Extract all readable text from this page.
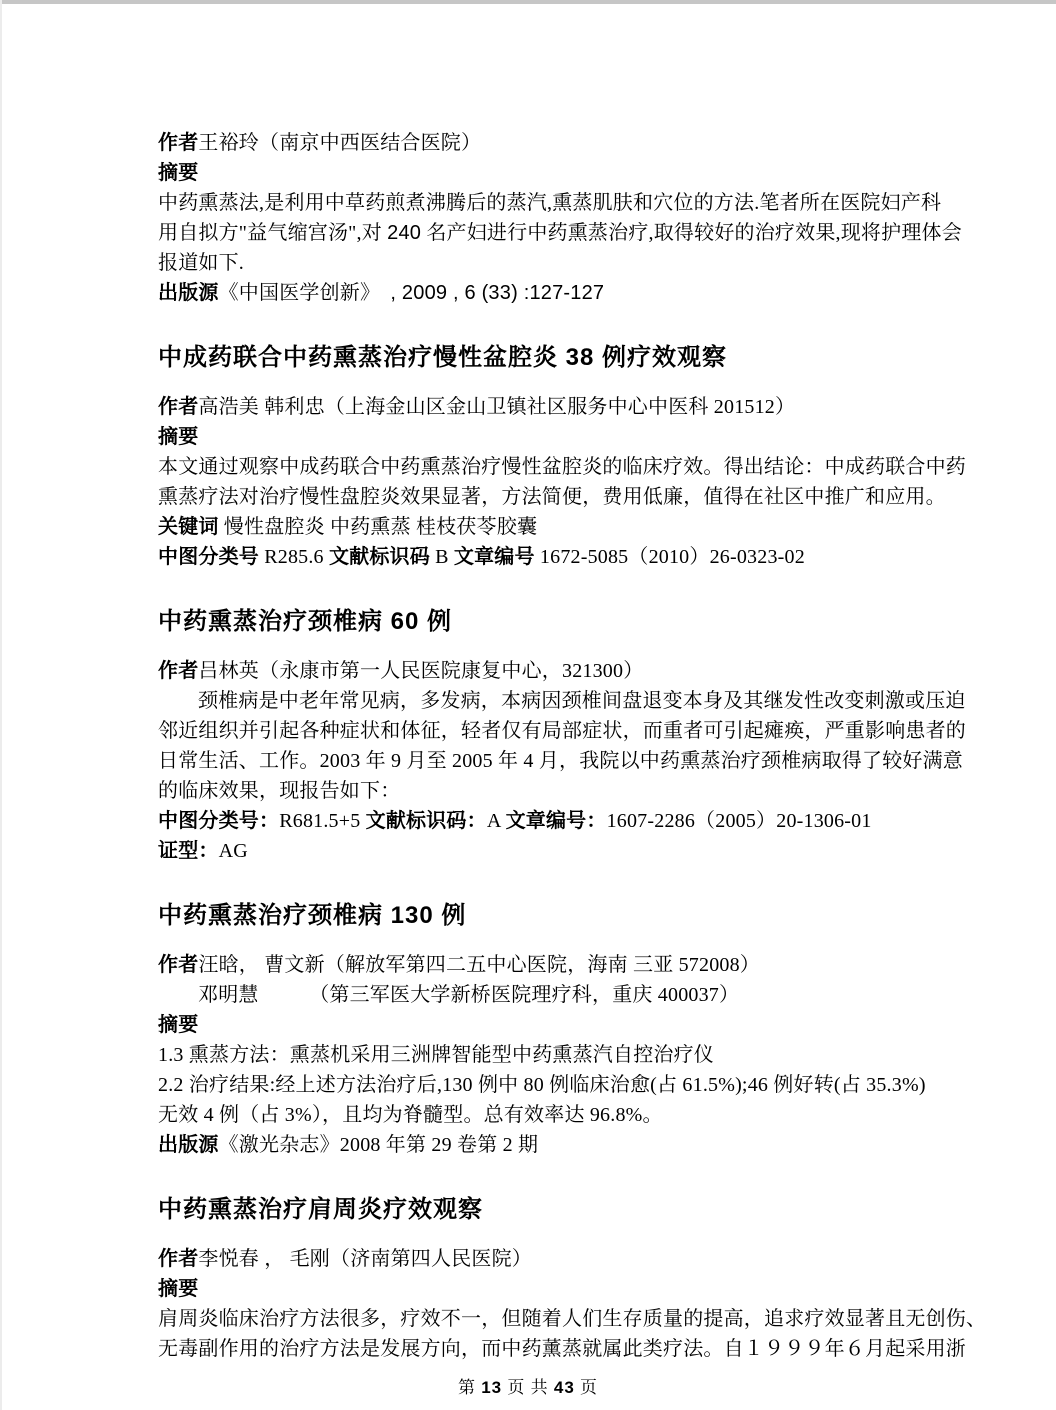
作者王裕玲（南京中西医结合医院）

摘要

中药熏蒸法,是利用中草药煎煮沸腾后的蒸汽,熏蒸肌肤和穴位的方法.笔者所在医院妇产科

用自拟方"益气缩宫汤",对 240 名产妇进行中药熏蒸治疗,取得较好的治疗效果,现将护理体会

报道如下.

出版源《中国医学创新》　, 2009 , 6 (33) :127-127

中成药联合中药熏蒸治疗慢性盆腔炎 38 例疗效观察

作者高浩美 韩利忠（上海金山区金山卫镇社区服务中心中医科 201512）

摘要

本文通过观察中成药联合中药熏蒸治疗慢性盆腔炎的临床疗效。得出结论：中成药联合中药

熏蒸疗法对治疗慢性盘腔炎效果显著，方法简便，费用低廉，值得在社区中推广和应用。

关键词 慢性盘腔炎 中药熏蒸 桂枝茯苓胶囊

中图分类号 R285.6 文献标识码 B 文章编号 1672-5085（2010）26-0323-02

中药熏蒸治疗颈椎病 60 例

作者吕林英（永康市第一人民医院康复中心，321300）

颈椎病是中老年常见病，多发病，本病因颈椎间盘退变本身及其继发性改变刺激或压迫

邻近组织并引起各种症状和体征，轻者仅有局部症状，而重者可引起瘫痪，严重影响患者的

日常生活、工作。2003 年 9 月至 2005 年 4 月，我院以中药熏蒸治疗颈椎病取得了较好满意

的临床效果，现报告如下：

中图分类号：R681.5+5 文献标识码：A 文章编号：1607-2286（2005）20-1306-01

证型：AG

中药熏蒸治疗颈椎病 130 例

作者汪晗， 曹文新（解放军第四二五中心医院，海南 三亚 572008）

邓明慧　　　（第三军医大学新桥医院理疗科，重庆 400037）

摘要

1.3 熏蒸方法：熏蒸机采用三洲牌智能型中药熏蒸汽自控治疗仪

2.2 治疗结果:经上述方法治疗后,130 例中 80 例临床治愈(占 61.5%);46 例好转(占 35.3%)

无效 4 例（占 3%），且均为脊髓型。总有效率达 96.8%。

出版源《激光杂志》2008 年第 29 卷第 2 期

中药熏蒸治疗肩周炎疗效观察

作者李悦春 ， 毛刚（济南第四人民医院）

摘要

肩周炎临床治疗方法很多，疗效不一，但随着人们生存质量的提高，追求疗效显著且无创伤、

无毒副作用的治疗方法是发展方向，而中药薰蒸就属此类疗法。自１９９９年６月起采用浙

第 13 页 共 43 页
